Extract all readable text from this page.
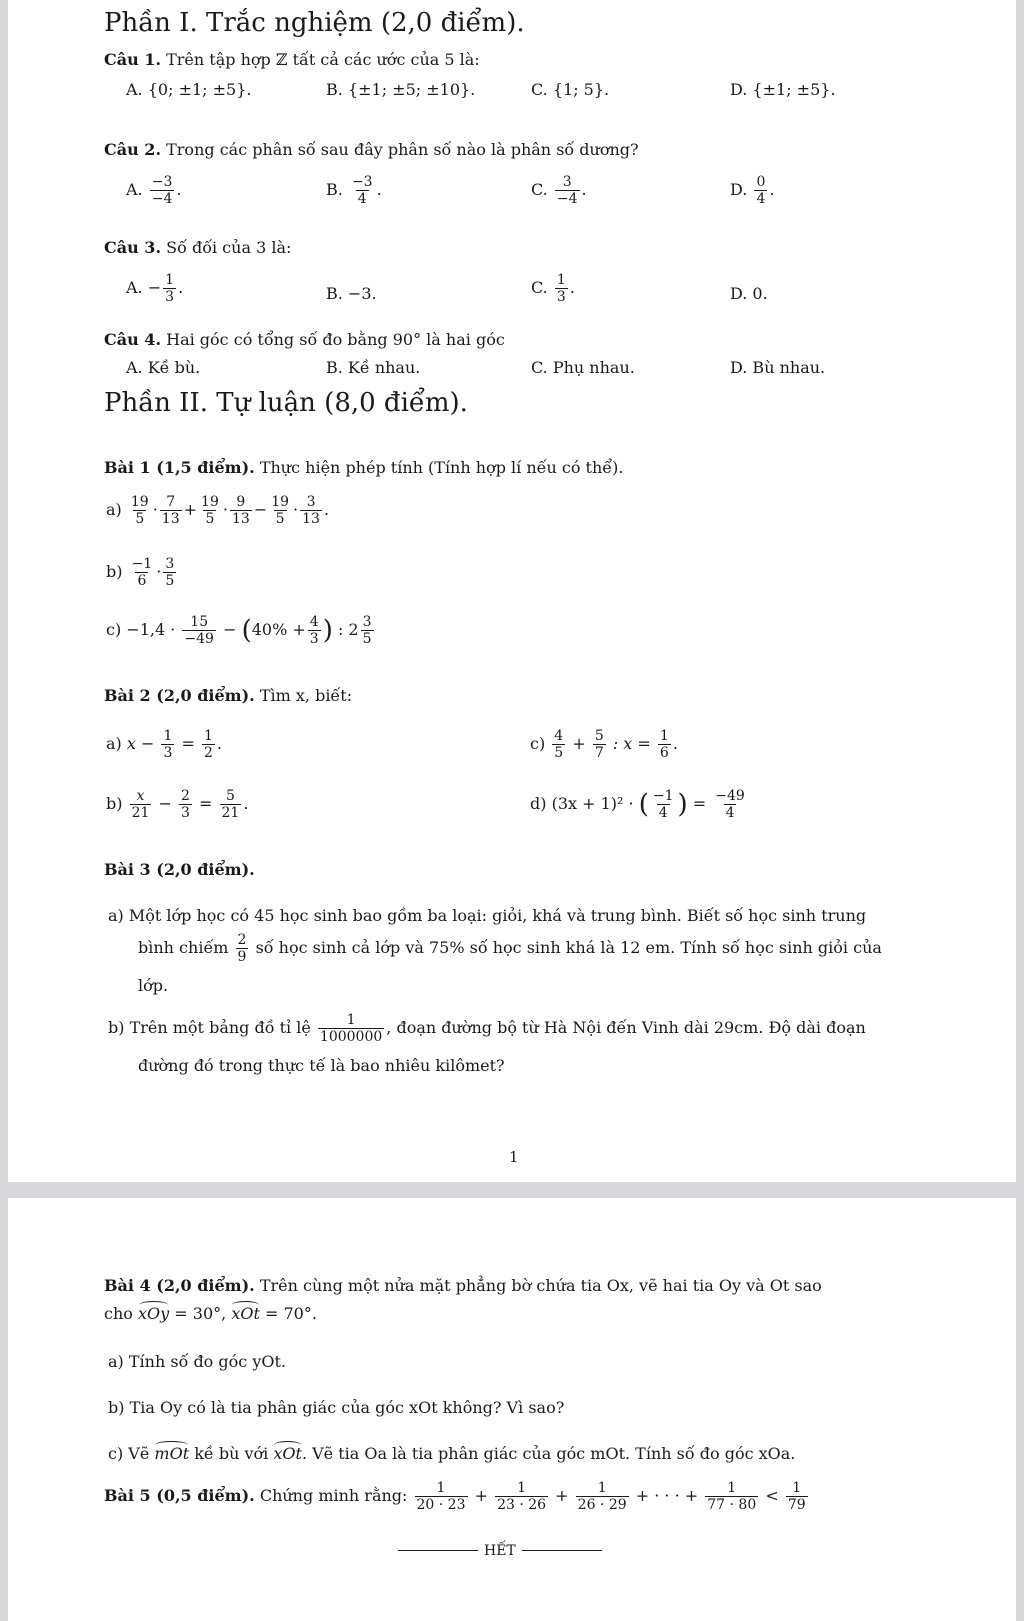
Phần I. Trắc nghiệm (2,0 điểm).
Câu 1. Trên tập hợp ℤ tất cả các ước của 5 là:
A. {0; ±1; ±5}.	B. {±1; ±5; ±10}.	C. {1; 5}.	D. {±1; ±5}.
Câu 2. Trong các phân số sau đây phân số nào là phân số dương?
A. $\frac{-3}{-4}$ .	B. $\frac{-3}{4}$ .	C. $\frac{3}{-4}$ .	D. $\frac{0}{4}$ .
Câu 3. Số đối của 3 là:
A. − $\frac{1}{3}$ .	B. −3.	C. $\frac{1}{3}$ .	D. 0.
Câu 4. Hai góc có tổng số đo bằng 90° là hai góc
A. Kề bù.	B. Kề nhau.	C. Phụ nhau.	D. Bù nhau.
Phần II. Tự luận (8,0 điểm).
Bài 1 (1,5 điểm). Thực hiện phép tính (Tính hợp lí nếu có thể).
$a) \frac{19}{5} \cdot \frac{7}{13} + \frac{19}{5} \cdot \frac{9}{13} - \frac{19}{5} \cdot \frac{3}{13}$ .
$b) \frac{-1}{6} \cdot \frac{3}{5}$
$c) -1,4 \cdot \frac{15}{-49} - (40\% + \frac{4}{3}$ ) : $2 \frac{3}{5}$
Bài 2 (2,0 điểm). Tìm x, biết:
a) $x - \frac{1}{3} = \frac{1}{2}$ .	$c) \frac{4}{5} + \frac{5}{7}$ : $x = \frac{1}{6}$ .
$b) \frac{x}{21} - \frac{2}{3} = \frac{5}{21}$ .	d) (3x + 1)² · ( $\frac{-1}{4}$ ) = $\frac{-49}{4}$
Bài 3 (2,0 điểm).
a) Một lớp học có 45 học sinh bao gồm ba loại: giỏi, khá và trung bình. Biết số học sinh trung
bình chiếm $\frac{2}{9}$ số học sinh cả lớp và 75% số học sinh khá là 12 em. Tính số học sinh giỏi của
lớp.
b) Trên một bảng đồ tỉ lệ $\frac{1}{1000000}$ , đoạn đường bộ từ Hà Nội đến Vinh dài 29cm. Độ dài đoạn
đường đó trong thực tế là bao nhiêu kilômet?
1
Bài 4 (2,0 điểm). Trên cùng một nửa mặt phẳng bờ chứa tia Ox, vẽ hai tia Oy và Ot sao
cho xOy = 30°, xOt = 70°.
a) Tính số đo góc yOt.
b) Tia Oy có là tia phân giác của góc xOt không? Vì sao?
c) Vẽ mOt kề bù với xOt. Vẽ tia Oa là tia phân giác của góc mOt. Tính số đo góc xOa.
Bài 5 (0,5 điểm). Chứng minh rằng: $\frac{1}{20 \cdot 23} + \frac{1}{23 \cdot 26} + \frac{1}{26 \cdot 29}$ + · · · + $\frac{1}{77 \cdot 80} < \frac{1}{79}$
HẾT
